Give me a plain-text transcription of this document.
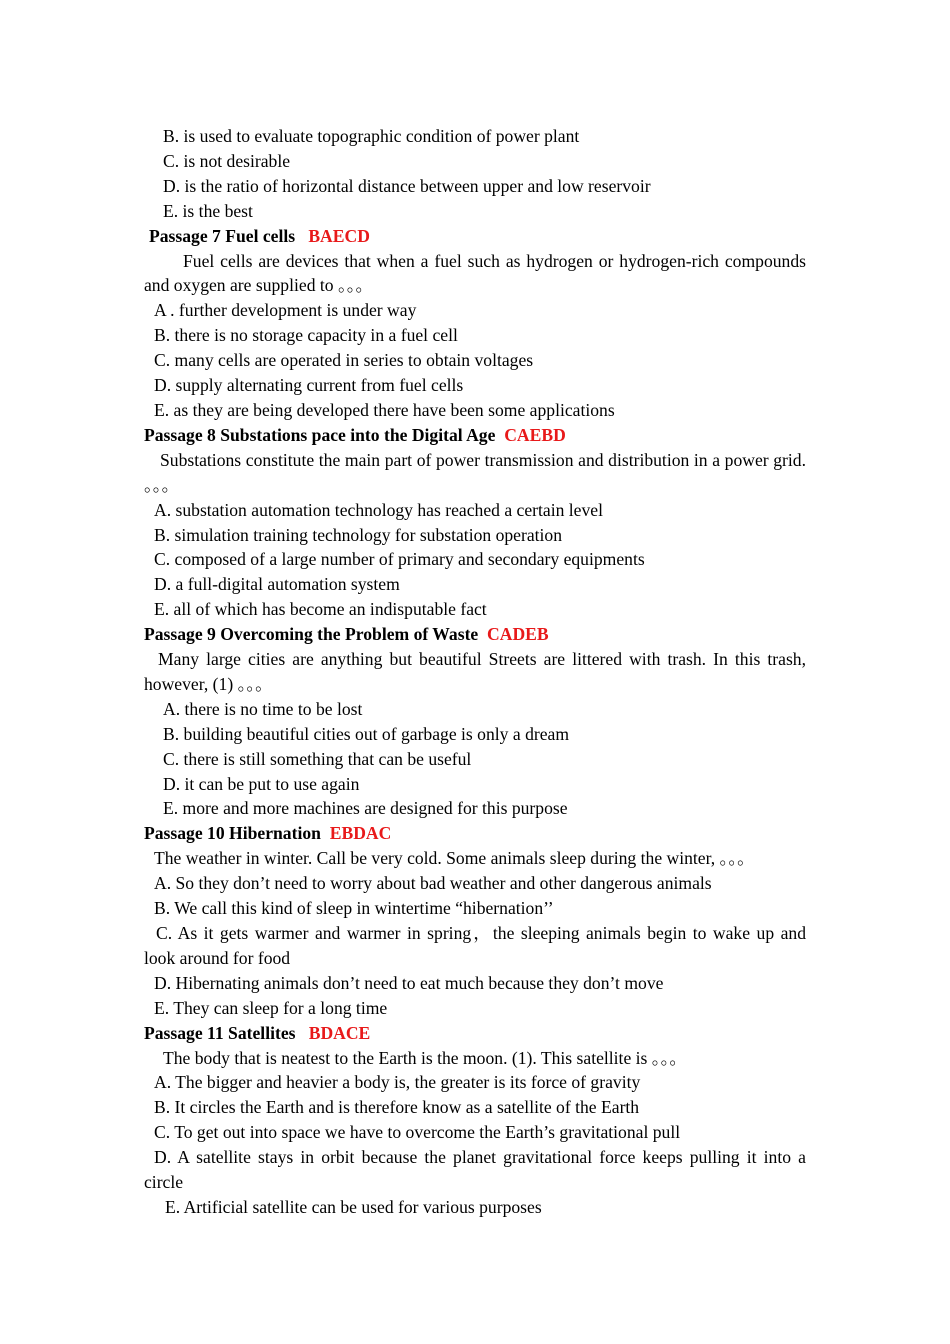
B. is used to evaluate topographic condition of power plant
C. is not desirable
D. is the ratio of horizontal distance between upper and low reservoir
E. is the best
Passage 7 Fuel cells BAECD
Fuel cells are devices that when a fuel such as hydrogen or hydrogen-rich compounds and oxygen are supplied to 。。。
A . further development is under way
B. there is no storage capacity in a fuel cell
C. many cells are operated in series to obtain voltages
D. supply alternating current from fuel cells
E. as they are being developed there have been some applications
Passage 8 Substations pace into the Digital Age CAEBD
Substations constitute the main part of power transmission and distribution in a power grid. 。。。
A. substation automation technology has reached a certain level
B. simulation training technology for substation operation
C. composed of a large number of primary and secondary equipments
D. a full-digital automation system
E. all of which has become an indisputable fact
Passage 9 Overcoming the Problem of Waste CADEB
Many large cities are anything but beautiful Streets are littered with trash. In this trash, however, (1) 。。。
A. there is no time to be lost
B. building beautiful cities out of garbage is only a dream
C. there is still something that can be useful
D. it can be put to use again
E. more and more machines are designed for this purpose
Passage 10 Hibernation EBDAC
The weather in winter. Call be very cold. Some animals sleep during the winter, 。。。
A. So they don’t need to worry about bad weather and other dangerous animals
B. We call this kind of sleep in wintertime “hibernation’’
C. As it gets warmer and warmer in spring，the sleeping animals begin to wake up and look around for food
D. Hibernating animals don’t need to eat much because they don’t move
E. They can sleep for a long time
Passage 11 Satellites BDACE
The body that is neatest to the Earth is the moon. (1). This satellite is 。。。
A. The bigger and heavier a body is, the greater is its force of gravity
B. It circles the Earth and is therefore know as a satellite of the Earth
C. To get out into space we have to overcome the Earth’s gravitational pull
D. A satellite stays in orbit because the planet gravitational force keeps pulling it into a circle
E. Artificial satellite can be used for various purposes
